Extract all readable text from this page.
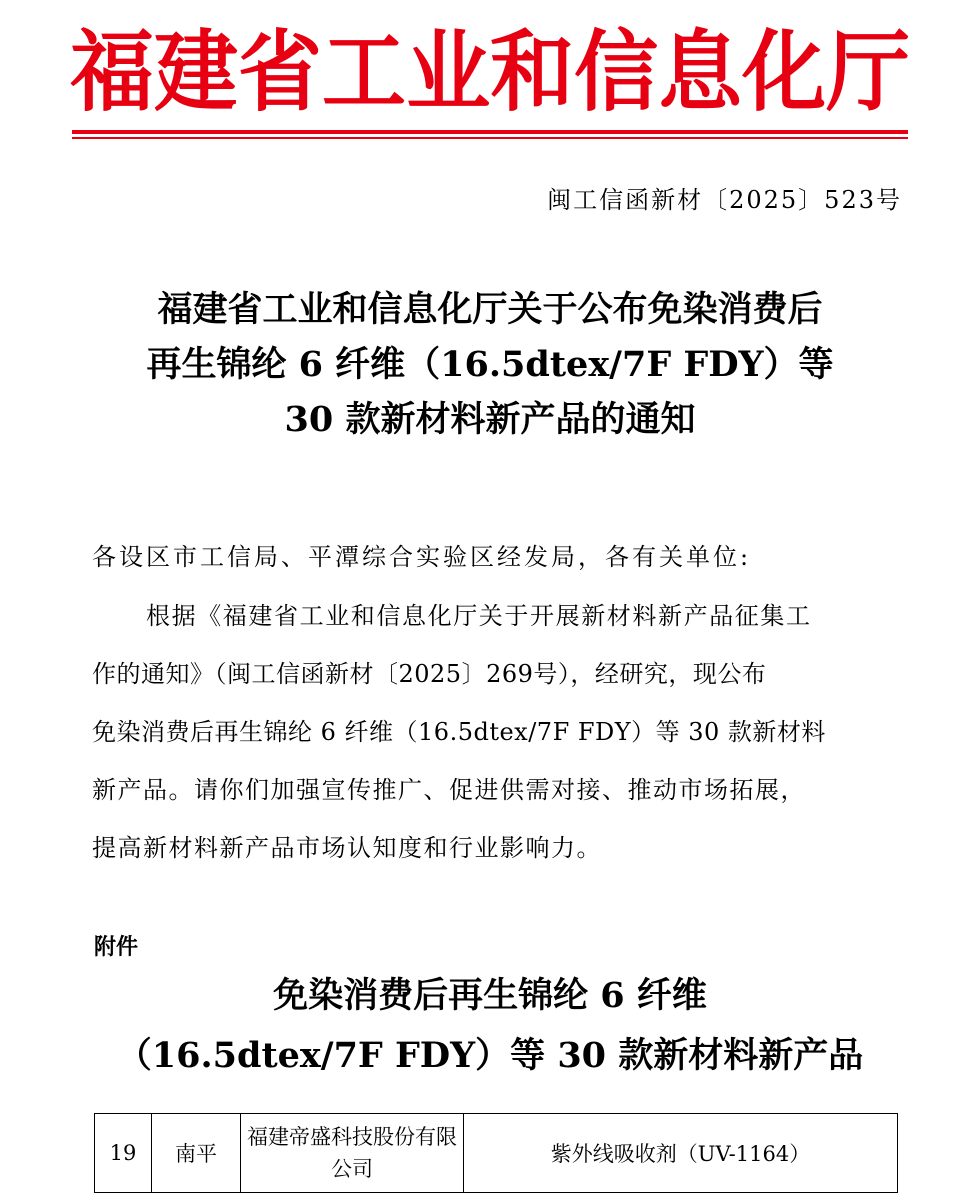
福 建 省 工 业 和 信 息 化 厅
闽工信函新材〔2025〕523号
福建省工业和信息化厅关于公布免染消费后
再生锦纶 6 纤维（16.5dtex/7F FDY）等
30 款新材料新产品的通知
各设区市工信局、平潭综合实验区经发局，各有关单位:
根据《福建省工业和信息化厅关于开展新材料新产品征集工
作的通知》（闽工信函新材〔2025〕269号），经研究，现公布
免染消费后再生锦纶 6 纤维（16.5dtex/7F FDY）等 30 款新材料
新产品。请你们加强宣传推广、促进供需对接、推动市场拓展，
提高新材料新产品市场认知度和行业影响力。
附件
免染消费后再生锦纶 6 纤维
（16.5dtex/7F FDY）等 30 款新材料新产品
19	南平	福建帝盛科技股份有限公司	紫外线吸收剂（UV-1164）
